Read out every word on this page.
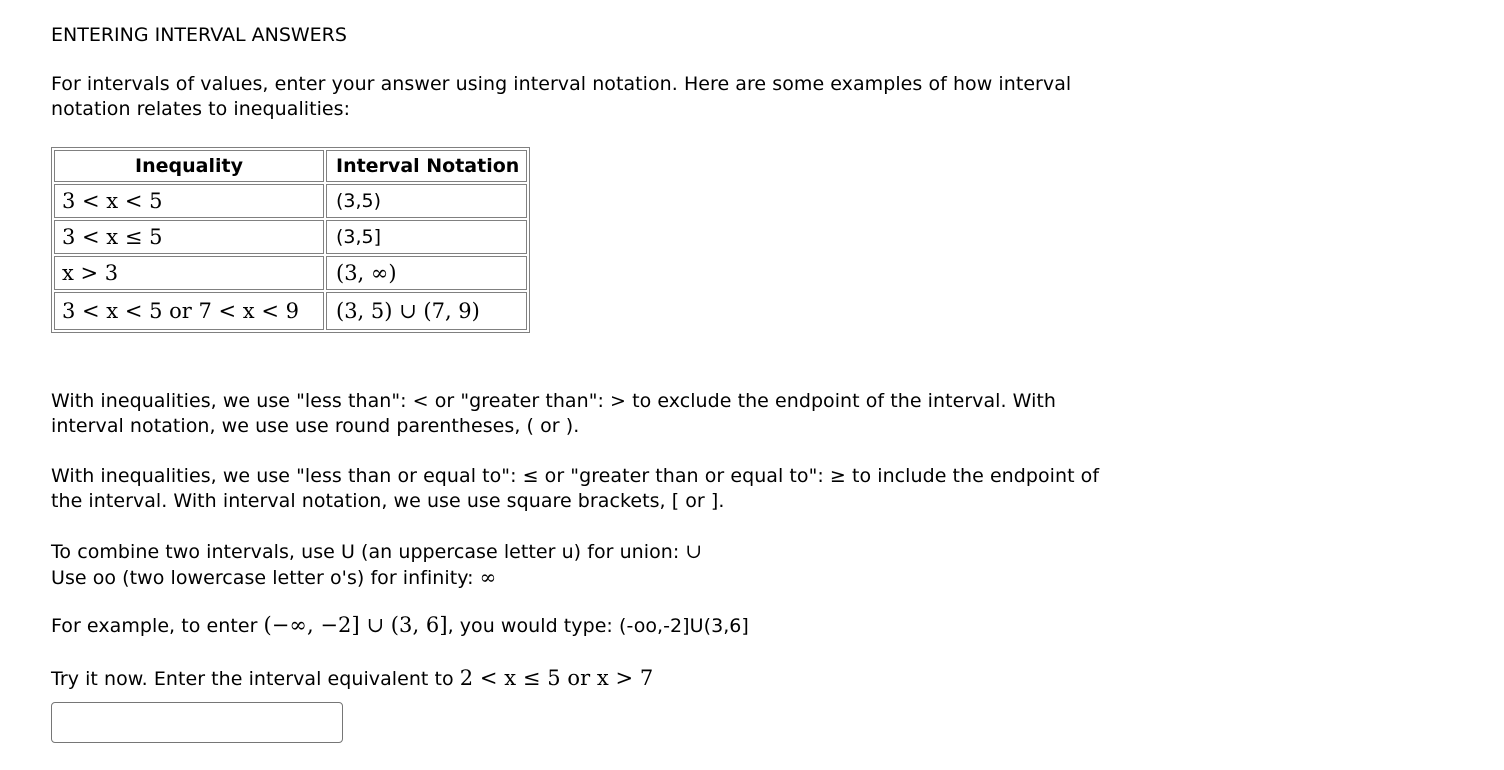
ENTERING INTERVAL ANSWERS

For intervals of values, enter your answer using interval notation. Here are some examples of how interval notation relates to inequalities:

Inequality	Interval Notation
3 < x < 5	(3,5)
3 < x ≤ 5	(3,5]
x > 3	(3, ∞)
3 < x < 5 or 7 < x < 9	(3, 5) ∪ (7, 9)

With inequalities, we use "less than": < or "greater than": > to exclude the endpoint of the interval. With interval notation, we use use round parentheses, ( or ).

With inequalities, we use "less than or equal to": ≤ or "greater than or equal to": ≥ to include the endpoint of the interval. With interval notation, we use use square brackets, [ or ].

To combine two intervals, use U (an uppercase letter u) for union: ∪
Use oo (two lowercase letter o's) for infinity: ∞
For example, to enter (−∞, −2] ∪ (3, 6], you would type: (-oo,-2]U(3,6]
Try it now. Enter the interval equivalent to 2 < x ≤ 5 or x > 7
